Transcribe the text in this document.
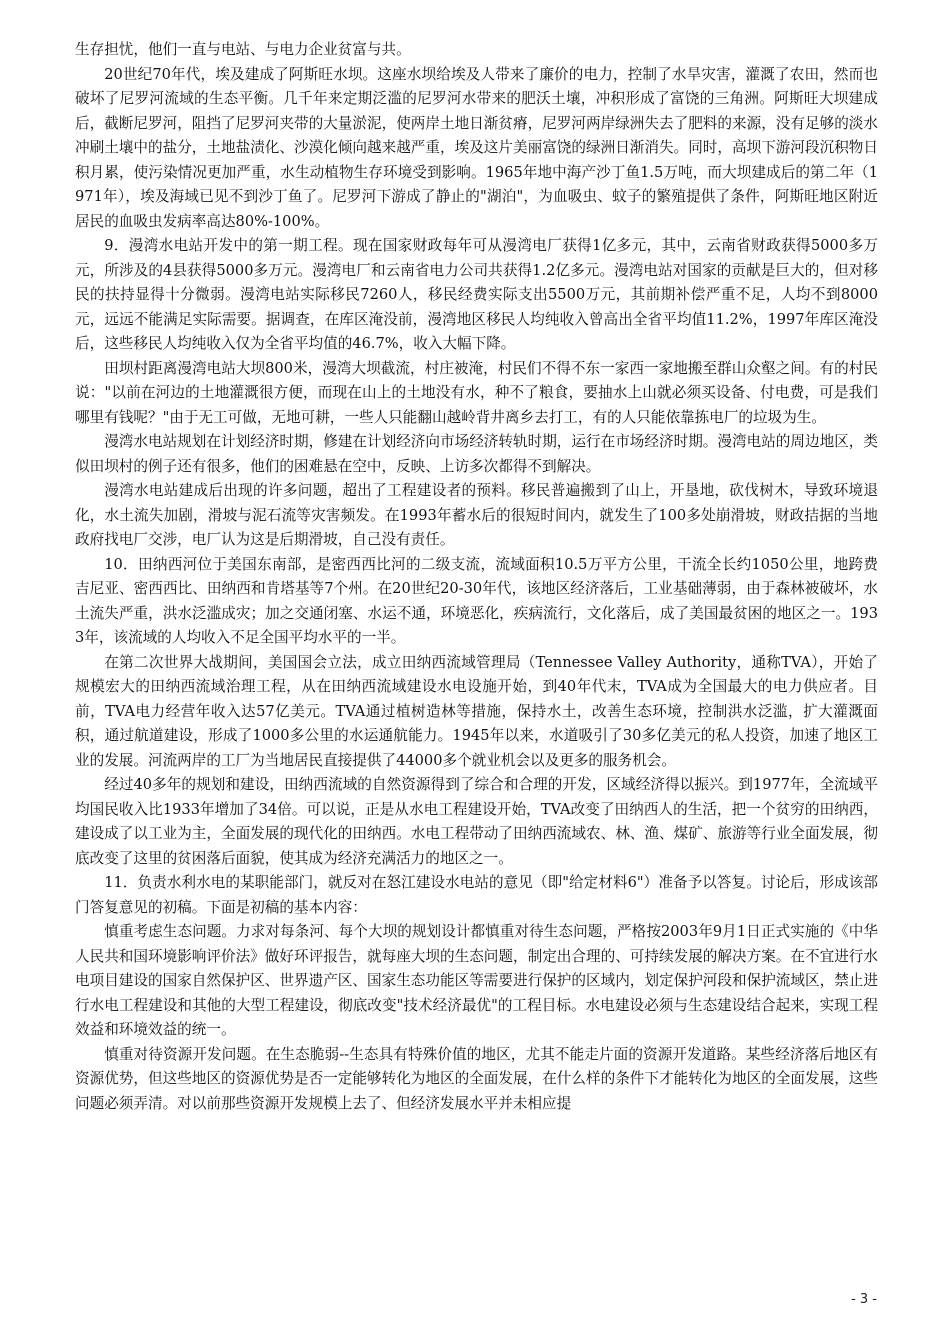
生存担忧，他们一直与电站、与电力企业贫富与共。

20世纪70年代，埃及建成了阿斯旺水坝。这座水坝给埃及人带来了廉价的电力，控制了水旱灾害，灌溉了农田，然而也破坏了尼罗河流域的生态平衡。几千年来定期泛滥的尼罗河水带来的肥沃土壤，冲积形成了富饶的三角洲。阿斯旺大坝建成后，截断尼罗河，阻挡了尼罗河夹带的大量淤泥，使两岸土地日渐贫瘠，尼罗河两岸绿洲失去了肥料的来源，没有足够的淡水冲刷土壤中的盐分，土地盐渍化、沙漠化倾向越来越严重，埃及这片美丽富饶的绿洲日渐消失。同时，高坝下游河段沉积物日积月累，使污染情况更加严重，水生动植物生存环境受到影响。1965年地中海产沙丁鱼1.5万吨，而大坝建成后的第二年（1971年），埃及海域已见不到沙丁鱼了。尼罗河下游成了静止的"湖泊"，为血吸虫、蚊子的繁殖提供了条件，阿斯旺地区附近居民的血吸虫发病率高达80%-100%。

9．漫湾水电站开发中的第一期工程。现在国家财政每年可从漫湾电厂获得1亿多元，其中，云南省财政获得5000多万元，所涉及的4县获得5000多万元。漫湾电厂和云南省电力公司共获得1.2亿多元。漫湾电站对国家的贡献是巨大的，但对移民的扶持显得十分微弱。漫湾电站实际移民7260人，移民经费实际支出5500万元，其前期补偿严重不足，人均不到8000元，远远不能满足实际需要。据调查，在库区淹没前，漫湾地区移民人均纯收入曾高出全省平均值11.2%，1997年库区淹没后，这些移民人均纯收入仅为全省平均值的46.7%，收入大幅下降。

田坝村距离漫湾电站大坝800米，漫湾大坝截流，村庄被淹，村民们不得不东一家西一家地搬至群山众壑之间。有的村民说："以前在河边的土地灌溉很方便，而现在山上的土地没有水，种不了粮食，要抽水上山就必须买设备、付电费，可是我们哪里有钱呢？"由于无工可做，无地可耕，一些人只能翻山越岭背井离乡去打工，有的人只能依靠拣电厂的垃圾为生。

漫湾水电站规划在计划经济时期，修建在计划经济向市场经济转轨时期，运行在市场经济时期。漫湾电站的周边地区，类似田坝村的例子还有很多，他们的困难悬在空中，反映、上访多次都得不到解决。

漫湾水电站建成后出现的许多问题，超出了工程建设者的预料。移民普遍搬到了山上，开垦地，砍伐树木，导致环境退化，水土流失加剧，滑坡与泥石流等灾害频发。在1993年蓄水后的很短时间内，就发生了100多处崩滑坡，财政拮据的当地政府找电厂交涉，电厂认为这是后期滑坡，自己没有责任。

10．田纳西河位于美国东南部，是密西西比河的二级支流，流域面积10.5万平方公里，干流全长约1050公里，地跨费吉尼亚、密西西比、田纳西和肯塔基等7个州。在20世纪20-30年代，该地区经济落后，工业基础薄弱，由于森林被破坏，水土流失严重，洪水泛滥成灾；加之交通闭塞、水运不通，环境恶化，疾病流行，文化落后，成了美国最贫困的地区之一。1933年，该流域的人均收入不足全国平均水平的一半。

在第二次世界大战期间，美国国会立法，成立田纳西流域管理局（Tennessee Valley Authority，通称TVA），开始了规模宏大的田纳西流域治理工程，从在田纳西流域建设水电设施开始，到40年代末，TVA成为全国最大的电力供应者。目前，TVA电力经营年收入达57亿美元。TVA通过植树造林等措施，保持水土，改善生态环境，控制洪水泛滥，扩大灌溉面积，通过航道建设，形成了1000多公里的水运通航能力。1945年以来，水道吸引了30多亿美元的私人投资，加速了地区工业的发展。河流两岸的工厂为当地居民直接提供了44000多个就业机会以及更多的服务机会。

经过40多年的规划和建设，田纳西流域的自然资源得到了综合和合理的开发，区域经济得以振兴。到1977年，全流域平均国民收入比1933年增加了34倍。可以说，正是从水电工程建设开始，TVA改变了田纳西人的生活，把一个贫穷的田纳西，建设成了以工业为主，全面发展的现代化的田纳西。水电工程带动了田纳西流域农、林、渔、煤矿、旅游等行业全面发展，彻底改变了这里的贫困落后面貌，使其成为经济充满活力的地区之一。

11．负责水利水电的某职能部门，就反对在怒江建设水电站的意见（即"给定材料6"）准备予以答复。讨论后，形成该部门答复意见的初稿。下面是初稿的基本内容：

慎重考虑生态问题。力求对每条河、每个大坝的规划设计都慎重对待生态问题，严格按2003年9月1日正式实施的《中华人民共和国环境影响评价法》做好环评报告，就每座大坝的生态问题，制定出合理的、可持续发展的解决方案。在不宜进行水电项目建设的国家自然保护区、世界遗产区、国家生态功能区等需要进行保护的区域内，划定保护河段和保护流域区，禁止进行水电工程建设和其他的大型工程建设，彻底改变"技术经济最优"的工程目标。水电建设必须与生态建设结合起来，实现工程效益和环境效益的统一。

慎重对待资源开发问题。在生态脆弱--生态具有特殊价值的地区，尤其不能走片面的资源开发道路。某些经济落后地区有资源优势，但这些地区的资源优势是否一定能够转化为地区的全面发展，在什么样的条件下才能转化为地区的全面发展，这些问题必须弄清。对以前那些资源开发规模上去了、但经济发展水平并未相应提

- 3 -
